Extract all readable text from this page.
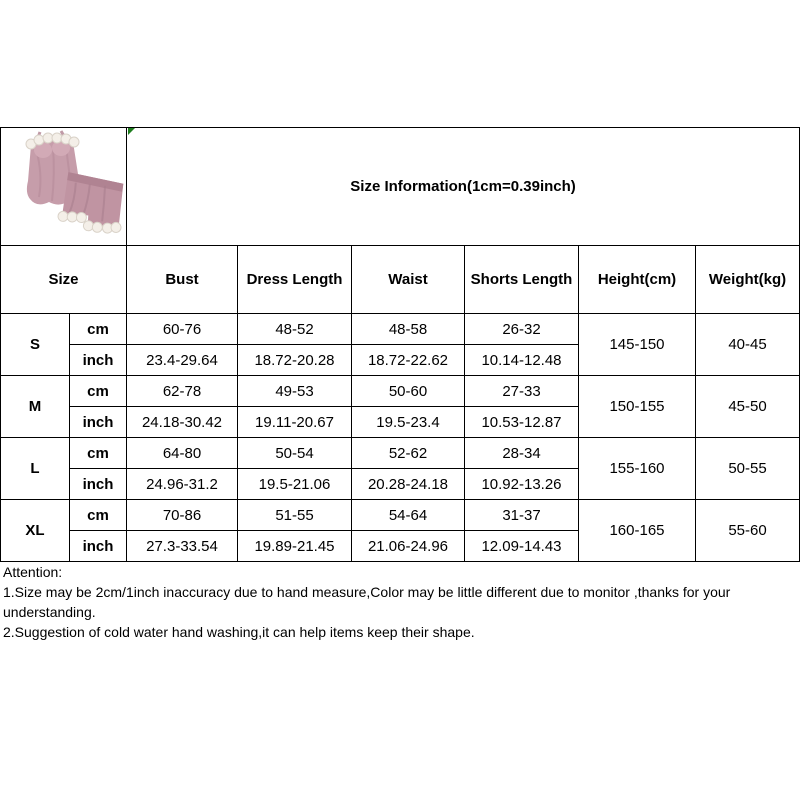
	Size Information(1cm=0.39inch)					
Size		Bust	Dress Length	Waist	Shorts Length	Height(cm)	Weight(kg)
S	cm	60-76	48-52	48-58	26-32	145-150	40-45
	inch	23.4-29.64	18.72-20.28	18.72-22.62	10.14-12.48		
M	cm	62-78	49-53	50-60	27-33	150-155	45-50
	inch	24.18-30.42	19.11-20.67	19.5-23.4	10.53-12.87		
L	cm	64-80	50-54	52-62	28-34	155-160	50-55
	inch	24.96-31.2	19.5-21.06	20.28-24.18	10.92-13.26		
XL	cm	70-86	51-55	54-64	31-37	160-165	55-60
	inch	27.3-33.54	19.89-21.45	21.06-24.96	12.09-14.43		
Attention:
1.Size may be 2cm/1inch inaccuracy due to hand measure,Color may be little different due to monitor ,thanks for your
understanding.
2.Suggestion of cold water hand washing,it can help items keep their shape.
